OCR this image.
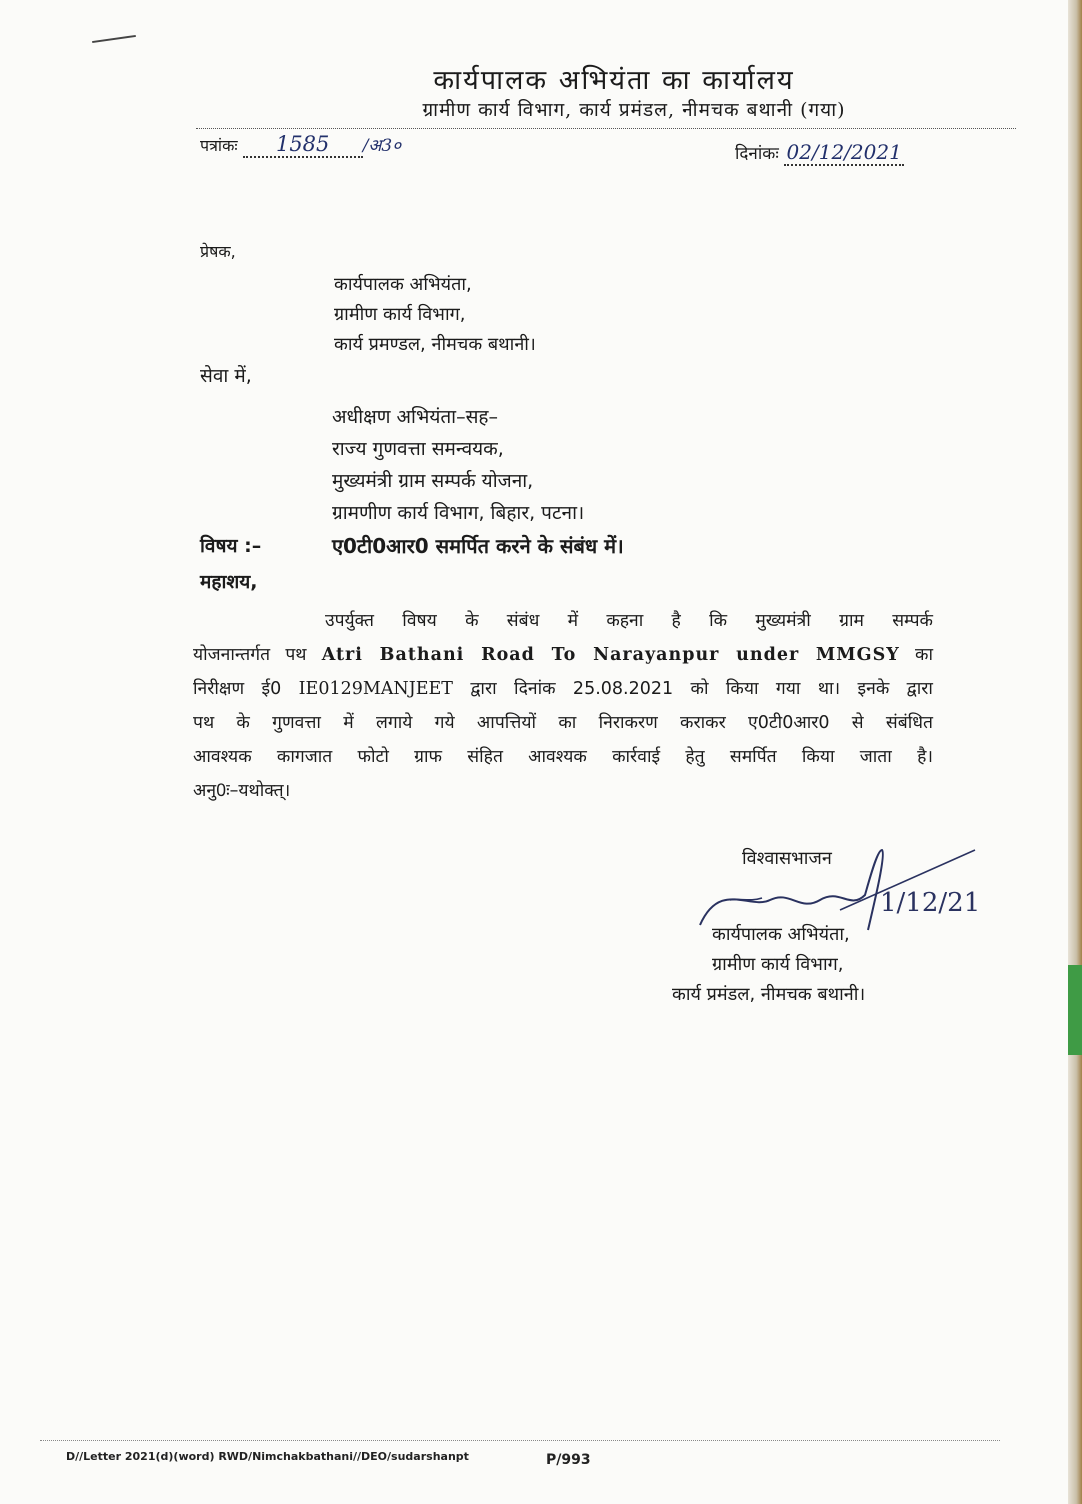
कार्यपालक अभियंता का कार्यालय
ग्रामीण कार्य विभाग, कार्य प्रमंडल, नीमचक बथानी (गया)
पत्रांकः 1585 /अ3०	दिनांकः 02/12/2021
प्रेषक,
कार्यपालक अभियंता,
ग्रामीण कार्य विभाग,
कार्य प्रमण्डल, नीमचक बथानी।
सेवा में,
अधीक्षण अभियंता–सह–
राज्य गुणवत्ता समन्वयक,
मुख्यमंत्री ग्राम सम्पर्क योजना,
ग्रामणीण कार्य विभाग, बिहार, पटना।
विषय :–	ए0टी0आर0 समर्पित करने के संबंध में।
महाशय,
उपर्युक्त विषय के संबंध में कहना है कि मुख्यमंत्री ग्राम सम्पर्क
योजनान्तर्गत पथ Atri Bathani Road To Narayanpur under MMGSY का
निरीक्षण ई0 IE0129MANJEET द्वारा दिनांक 25.08.2021 को किया गया था। इनके द्वारा
पथ के गुणवत्ता में लगाये गये आपत्तियों का निराकरण कराकर ए0टी0आर0 से संबंधित
आवश्यक कागजात फोटो ग्राफ संहित आवश्यक कार्रवाई हेतु समर्पित किया जाता है।
अनु0ः–यथोक्त्।
विश्वासभाजन
1/12/21
कार्यपालक अभियंता,
ग्रामीण कार्य विभाग,
कार्य प्रमंडल, नीमचक बथानी।
D//Letter 2021(d)(word) RWD/Nimchakbathani//DEO/sudarshanpt	P/993
